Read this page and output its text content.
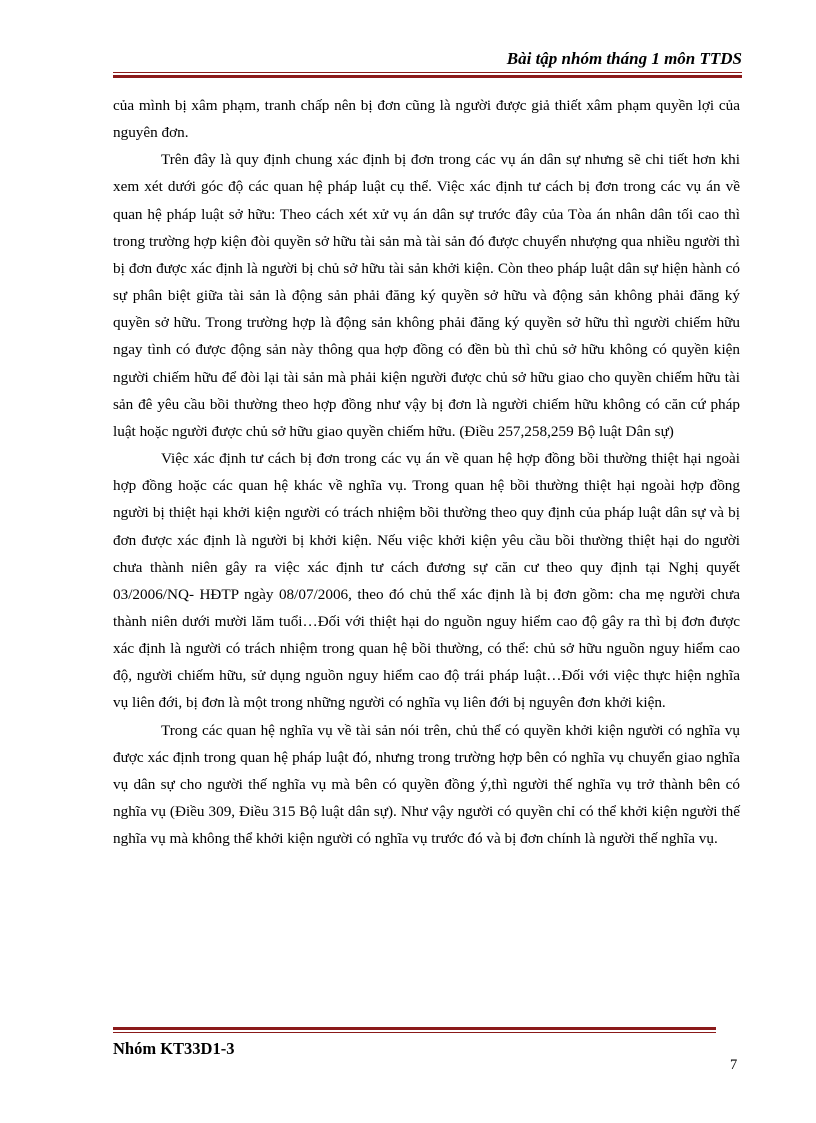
Bài tập nhóm tháng 1 môn TTDS

của mình bị xâm phạm, tranh chấp nên bị đơn cũng là người được giả thiết xâm phạm quyền lợi của nguyên đơn.

Trên đây là quy định chung xác định bị đơn trong các vụ án dân sự nhưng sẽ chi tiết hơn khi xem xét dưới góc độ các quan hệ pháp luật cụ thể. Việc xác định tư cách bị đơn trong các vụ án về quan hệ pháp luật sở hữu: Theo cách xét xử vụ án dân sự trước đây của Tòa án nhân dân tối cao thì trong trường hợp kiện đòi quyền sở hữu tài sản mà tài sản đó được chuyển nhượng qua nhiều người thì bị đơn được xác định là người bị chủ sở hữu tài sản khởi kiện. Còn theo pháp luật dân sự hiện hành có sự phân biệt giữa tài sản là động sản phải đăng ký quyền sở hữu và động sản không phải đăng ký quyền sở hữu. Trong trường hợp là động sản không phải đăng ký quyền sở hữu thì người chiếm hữu ngay tình có được động sản này thông qua hợp đồng có đền bù thì chủ sở hữu không có quyền kiện người chiếm hữu để đòi lại tài sản mà phải kiện người được chủ sở hữu giao cho quyền chiếm hữu tài sản đê yêu cầu bồi thường theo hợp đồng như vậy bị đơn là người chiếm hữu không có căn cứ pháp luật hoặc người được chủ sở hữu giao quyền chiếm hữu. (Điều 257,258,259 Bộ luật Dân sự)

Việc xác định tư cách bị đơn trong các vụ án về quan hệ hợp đồng bồi thường thiệt hại ngoài hợp đồng hoặc các quan hệ khác về nghĩa vụ. Trong quan hệ bồi thường thiệt hại ngoài hợp đồng người bị thiệt hại khởi kiện người có trách nhiệm bồi thường theo quy định của pháp luật dân sự và bị đơn được xác định là người bị khởi kiện. Nếu việc khởi kiện yêu cầu bồi thường thiệt hại do người chưa thành niên gây ra việc xác định tư cách đương sự căn cư theo quy định tại Nghị quyết 03/2006/NQ- HĐTP ngày 08/07/2006, theo đó chủ thể xác định là bị đơn gồm: cha mẹ người chưa thành niên dưới mười lăm tuổi…Đối với thiệt hại do nguồn nguy hiểm cao độ gây ra thì bị đơn được xác định là người có trách nhiệm trong quan hệ bồi thường, có thể: chủ sở hữu nguồn nguy hiểm cao độ, người chiếm hữu, sử dụng nguồn nguy hiểm cao độ trái pháp luật…Đối với việc thực hiện nghĩa vụ liên đới, bị đơn là một trong những người có nghĩa vụ liên đới bị nguyên đơn khởi kiện.

Trong các quan hệ nghĩa vụ về tài sản nói trên, chủ thể có quyền khởi kiện người có nghĩa vụ được xác định trong quan hệ pháp luật đó, nhưng trong trường hợp bên có nghĩa vụ chuyển giao nghĩa vụ dân sự cho người thế nghĩa vụ mà bên có quyền đồng ý,thì người thế nghĩa vụ trở thành bên có nghĩa vụ (Điều 309, Điều 315 Bộ luật dân sự). Như vậy người có quyền chỉ có thể khởi kiện người thế nghĩa vụ mà không thể khởi kiện người có nghĩa vụ trước đó và bị đơn chính là người thế nghĩa vụ.

Nhóm KT33D1-3
7
